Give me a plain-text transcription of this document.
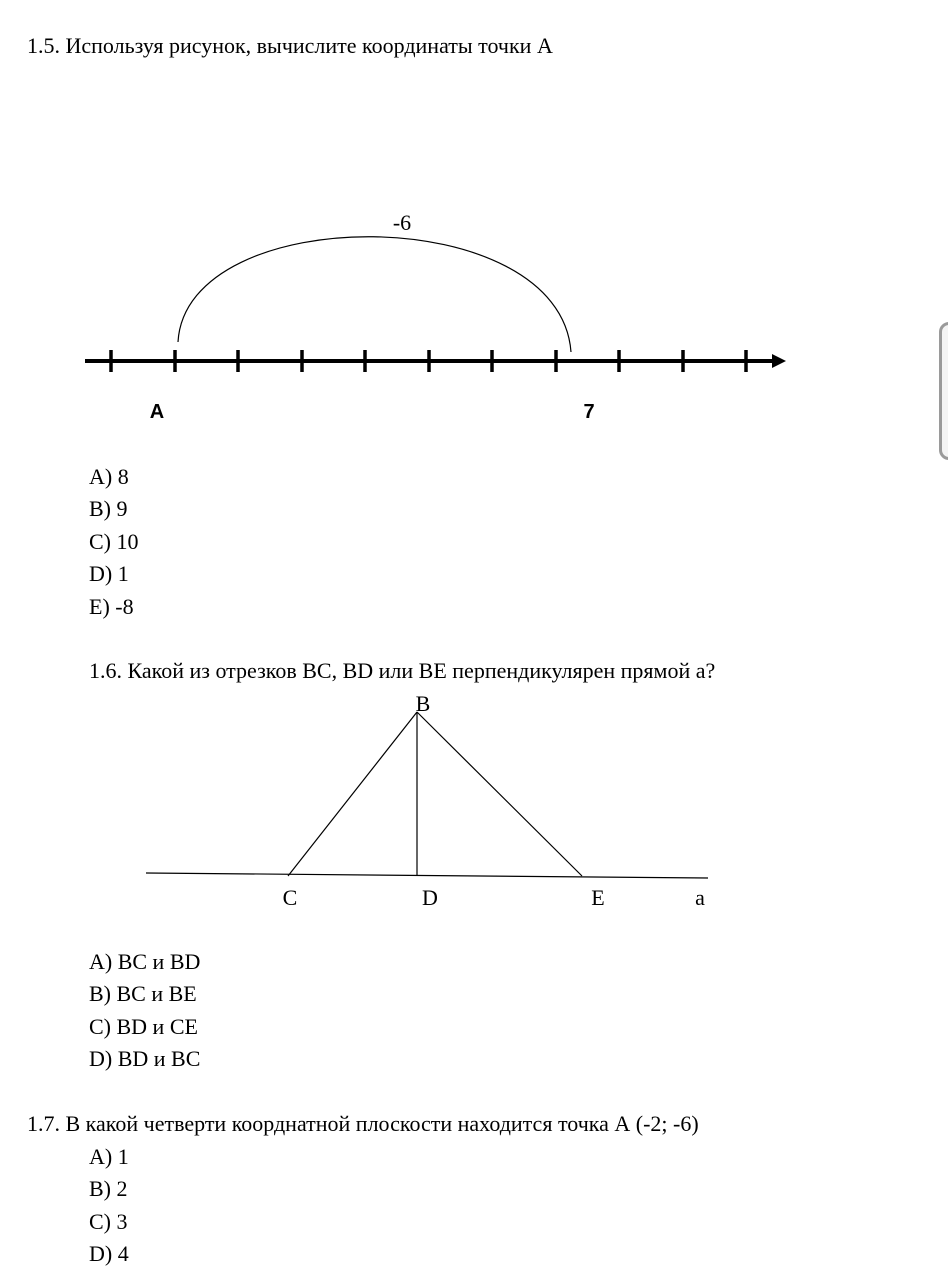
1.5. Используя рисунок, вычислите координаты точки А
-6
A	7
B
C	D	E	a
A) 8
B) 9
C) 10
D) 1
E) -8
1.6. Какой из отрезков BC, BD или BE перпендикулярен прямой а?
A) BC и BD
B) BC и BE
C) BD и CE
D) BD и BC
1.7. В какой четверти коорднатной плоскости находится точка А (-2; -6)
A) 1
B) 2
C) 3
D) 4
